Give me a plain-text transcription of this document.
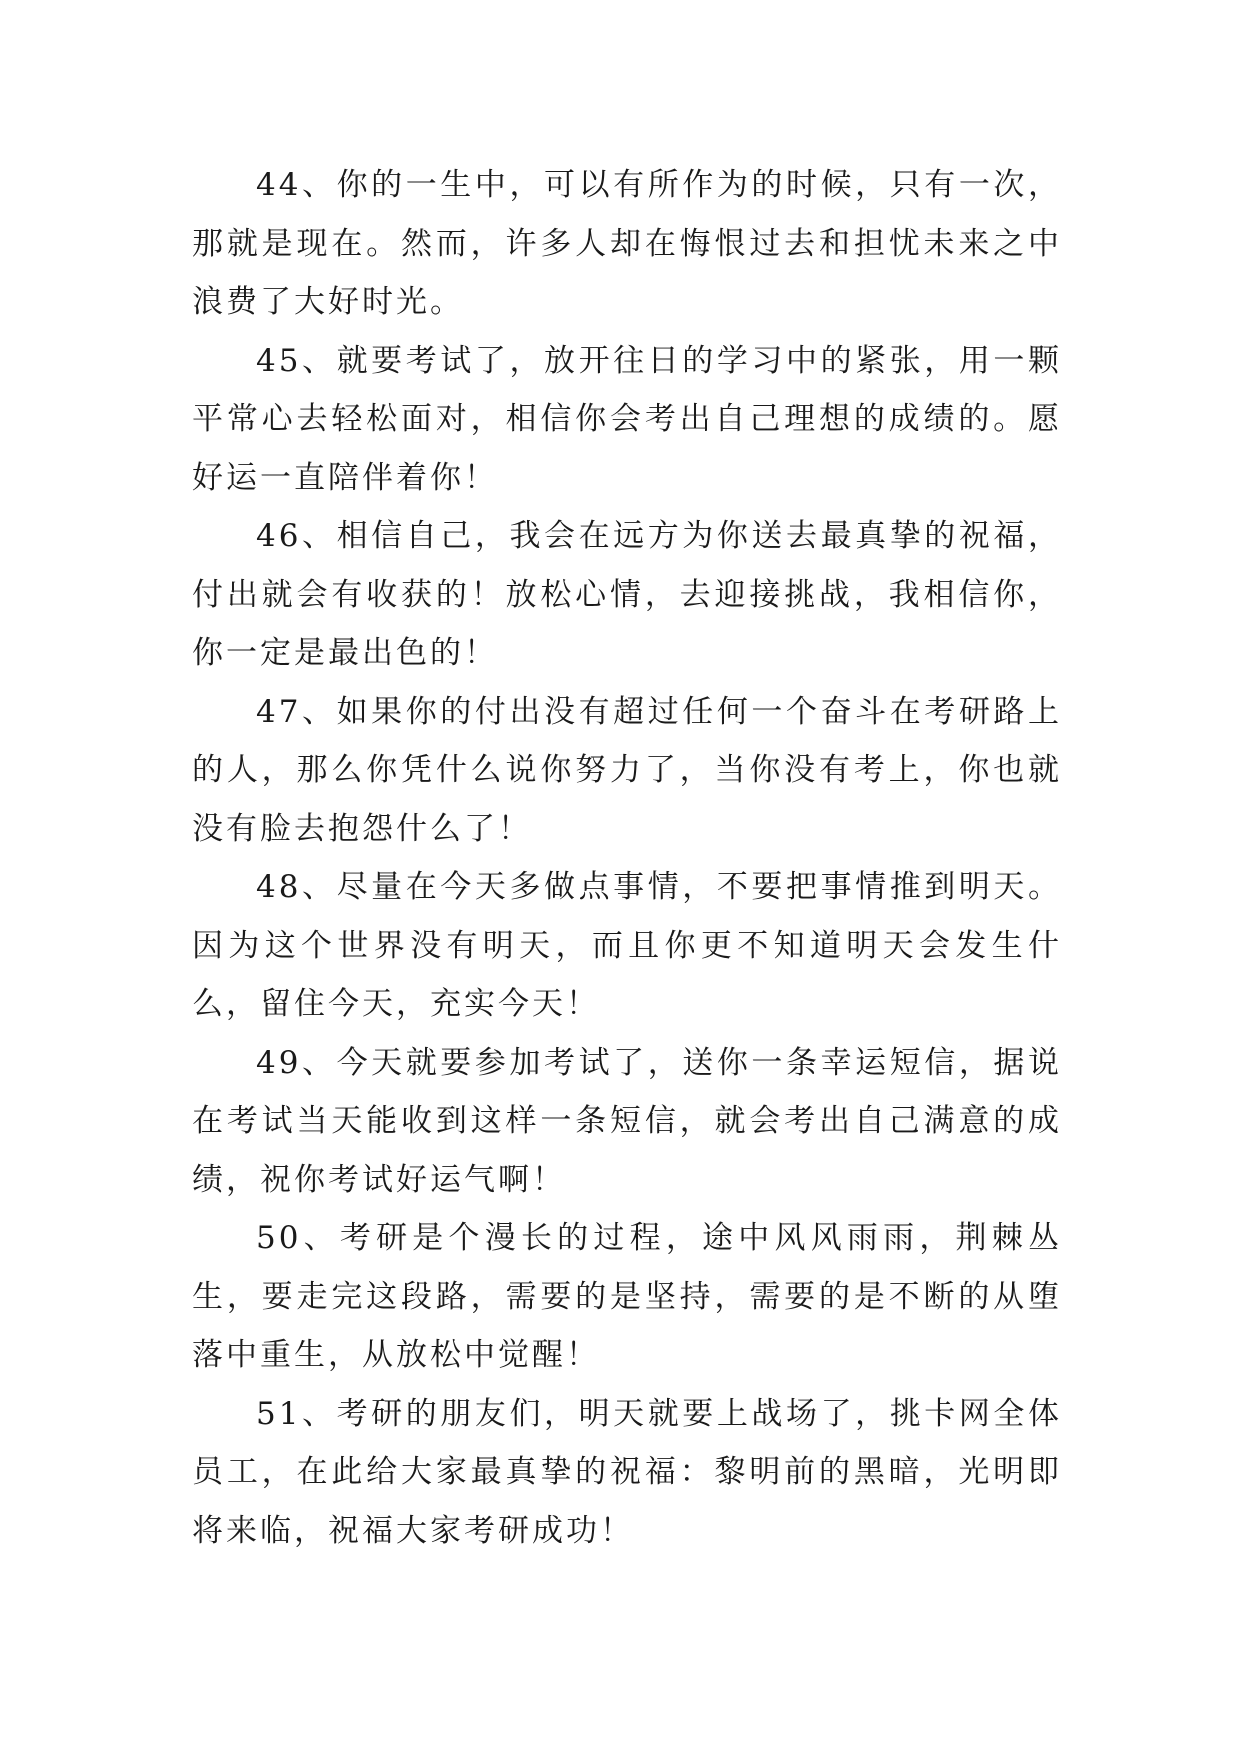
44、你的一生中，可以有所作为的时候，只有一次，那就是现在。然而，许多人却在悔恨过去和担忧未来之中浪费了大好时光。

45、就要考试了，放开往日的学习中的紧张，用一颗平常心去轻松面对，相信你会考出自己理想的成绩的。愿好运一直陪伴着你！

46、相信自己，我会在远方为你送去最真挚的祝福，付出就会有收获的！放松心情，去迎接挑战，我相信你，你一定是最出色的！

47、如果你的付出没有超过任何一个奋斗在考研路上的人，那么你凭什么说你努力了，当你没有考上，你也就没有脸去抱怨什么了！

48、尽量在今天多做点事情，不要把事情推到明天。因为这个世界没有明天，而且你更不知道明天会发生什么，留住今天，充实今天！

49、今天就要参加考试了，送你一条幸运短信，据说在考试当天能收到这样一条短信，就会考出自己满意的成绩，祝你考试好运气啊！

50、考研是个漫长的过程，途中风风雨雨，荆棘丛生，要走完这段路，需要的是坚持，需要的是不断的从堕落中重生，从放松中觉醒！

51、考研的朋友们，明天就要上战场了，挑卡网全体员工，在此给大家最真挚的祝福：黎明前的黑暗，光明即将来临，祝福大家考研成功！
